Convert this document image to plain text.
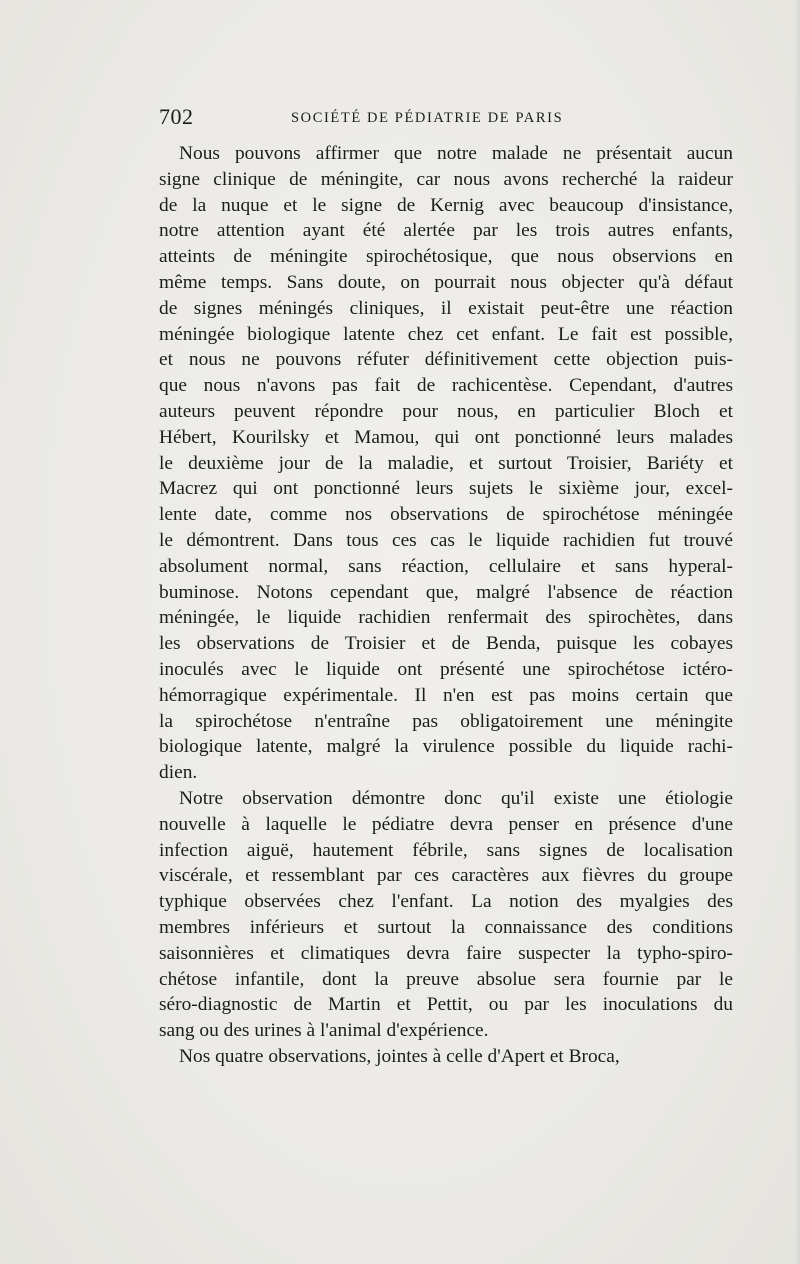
702	SOCIÉTÉ DE PÉDIATRIE DE PARIS
Nous pouvons affirmer que notre malade ne présentait aucun
signe clinique de méningite, car nous avons recherché la raideur
de la nuque et le signe de Kernig avec beaucoup d'insistance,
notre attention ayant été alertée par les trois autres enfants,
atteints de méningite spirochétosique, que nous observions en
même temps. Sans doute, on pourrait nous objecter qu'à défaut
de signes méningés cliniques, il existait peut-être une réaction
méningée biologique latente chez cet enfant. Le fait est possible,
et nous ne pouvons réfuter définitivement cette objection puis-
que nous n'avons pas fait de rachicentèse. Cependant, d'autres
auteurs peuvent répondre pour nous, en particulier Bloch et
Hébert, Kourilsky et Mamou, qui ont ponctionné leurs malades
le deuxième jour de la maladie, et surtout Troisier, Bariéty et
Macrez qui ont ponctionné leurs sujets le sixième jour, excel-
lente date, comme nos observations de spirochétose méningée
le démontrent. Dans tous ces cas le liquide rachidien fut trouvé
absolument normal, sans réaction, cellulaire et sans hyperal-
buminose. Notons cependant que, malgré l'absence de réaction
méningée, le liquide rachidien renfermait des spirochètes, dans
les observations de Troisier et de Benda, puisque les cobayes
inoculés avec le liquide ont présenté une spirochétose ictéro-
hémorragique expérimentale. Il n'en est pas moins certain que
la spirochétose n'entraîne pas obligatoirement une méningite
biologique latente, malgré la virulence possible du liquide rachi-
dien.
Notre observation démontre donc qu'il existe une étiologie
nouvelle à laquelle le pédiatre devra penser en présence d'une
infection aiguë, hautement fébrile, sans signes de localisation
viscérale, et ressemblant par ces caractères aux fièvres du groupe
typhique observées chez l'enfant. La notion des myalgies des
membres inférieurs et surtout la connaissance des conditions
saisonnières et climatiques devra faire suspecter la typho-spiro-
chétose infantile, dont la preuve absolue sera fournie par le
séro-diagnostic de Martin et Pettit, ou par les inoculations du
sang ou des urines à l'animal d'expérience.
Nos quatre observations, jointes à celle d'Apert et Broca,
